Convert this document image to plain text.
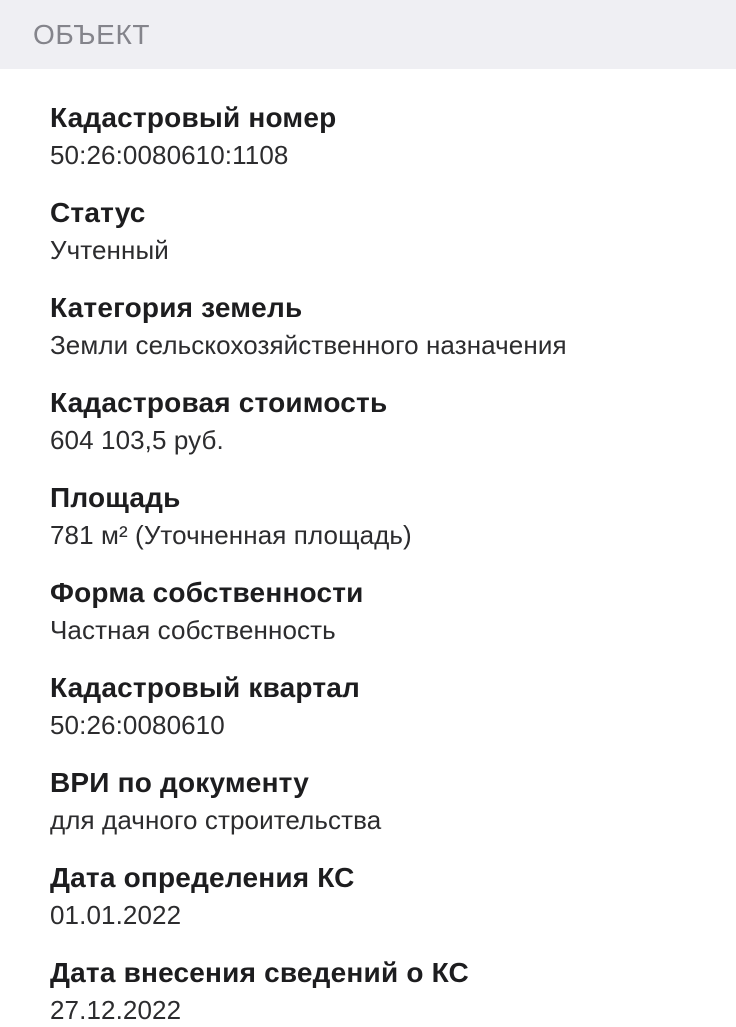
ОБЪЕКТ
Кадастровый номер
50:26:0080610:1108
Статус
Учтенный
Категория земель
Земли сельскохозяйственного назначения
Кадастровая стоимость
604 103,5 руб.
Площадь
781 м² (Уточненная площадь)
Форма собственности
Частная собственность
Кадастровый квартал
50:26:0080610
ВРИ по документу
для дачного строительства
Дата определения КС
01.01.2022
Дата внесения сведений о КС
27.12.2022
